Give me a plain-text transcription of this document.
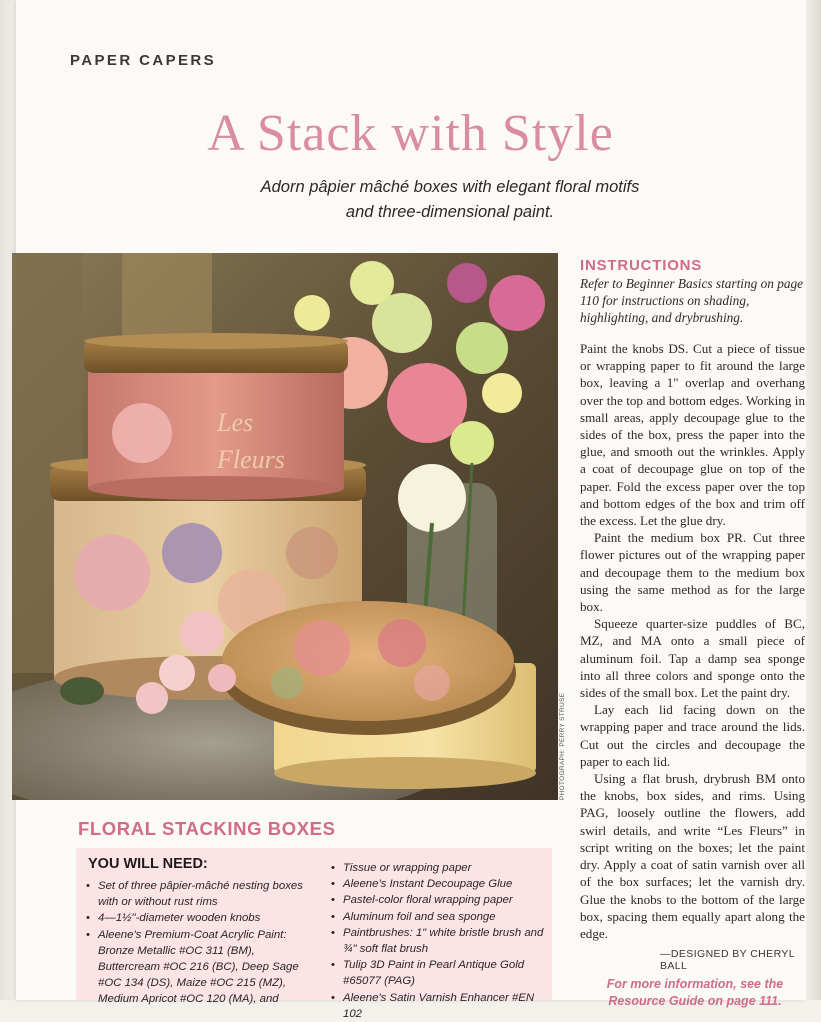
PAPER CAPERS
A Stack with Style
Adorn pâpier mâché boxes with elegant floral motifs
and three-dimensional paint.
Les
Fleurs
PHOTOGRAPH: PERRY STRUSE
INSTRUCTIONS
Refer to Beginner Basics starting on page 110 for instructions on shading, highlighting, and drybrushing.

Paint the knobs DS. Cut a piece of tissue or wrapping paper to fit around the large box, leaving a 1" overlap and overhang over the top and bottom edges. Working in small areas, apply decoupage glue to the sides of the box, press the paper into the glue, and smooth out the wrinkles. Apply a coat of decoupage glue on top of the paper. Fold the excess paper over the top and bottom edges of the box and trim off the excess. Let the glue dry.

Paint the medium box PR. Cut three flower pictures out of the wrapping paper and decoupage them to the medium box using the same method as for the large box.

Squeeze quarter-size puddles of BC, MZ, and MA onto a small piece of aluminum foil. Tap a damp sea sponge into all three colors and sponge onto the sides of the small box. Let the paint dry.

Lay each lid facing down on the wrapping paper and trace around the lids. Cut out the circles and decoupage the paper to each lid.

Using a flat brush, drybrush BM onto the knobs, box sides, and rims. Using PAG, loosely outline the flowers, add swirl details, and write “Les Fleurs” in script writing on the boxes; let the paint dry. Apply a coat of satin varnish over all of the box surfaces; let the varnish dry. Glue the knobs to the bottom of the large box, spacing them equally apart along the edge.

—DESIGNED BY CHERYL BALL
For more information, see the
Resource Guide on page 111.
FLORAL STACKING BOXES
YOU WILL NEED:
• Set of three pâpier-mâché nesting boxes with or without rust rims
• 4—1½"-diameter wooden knobs
• Aleene's Premium-Coat Acrylic Paint: Bronze Metallic #OC 311 (BM), Buttercream #OC 216 (BC), Deep Sage #OC 134 (DS), Maize #OC 215 (MZ), Medium Apricot #OC 120 (MA), and
• Tissue or wrapping paper
• Aleene's Instant Decoupage Glue
• Pastel-color floral wrapping paper
• Aluminum foil and sea sponge
• Paintbrushes: 1" white bristle brush and ¾" soft flat brush
• Tulip 3D Paint in Pearl Antique Gold #65077 (PAG)
• Aleene's Satin Varnish Enhancer #EN 102
